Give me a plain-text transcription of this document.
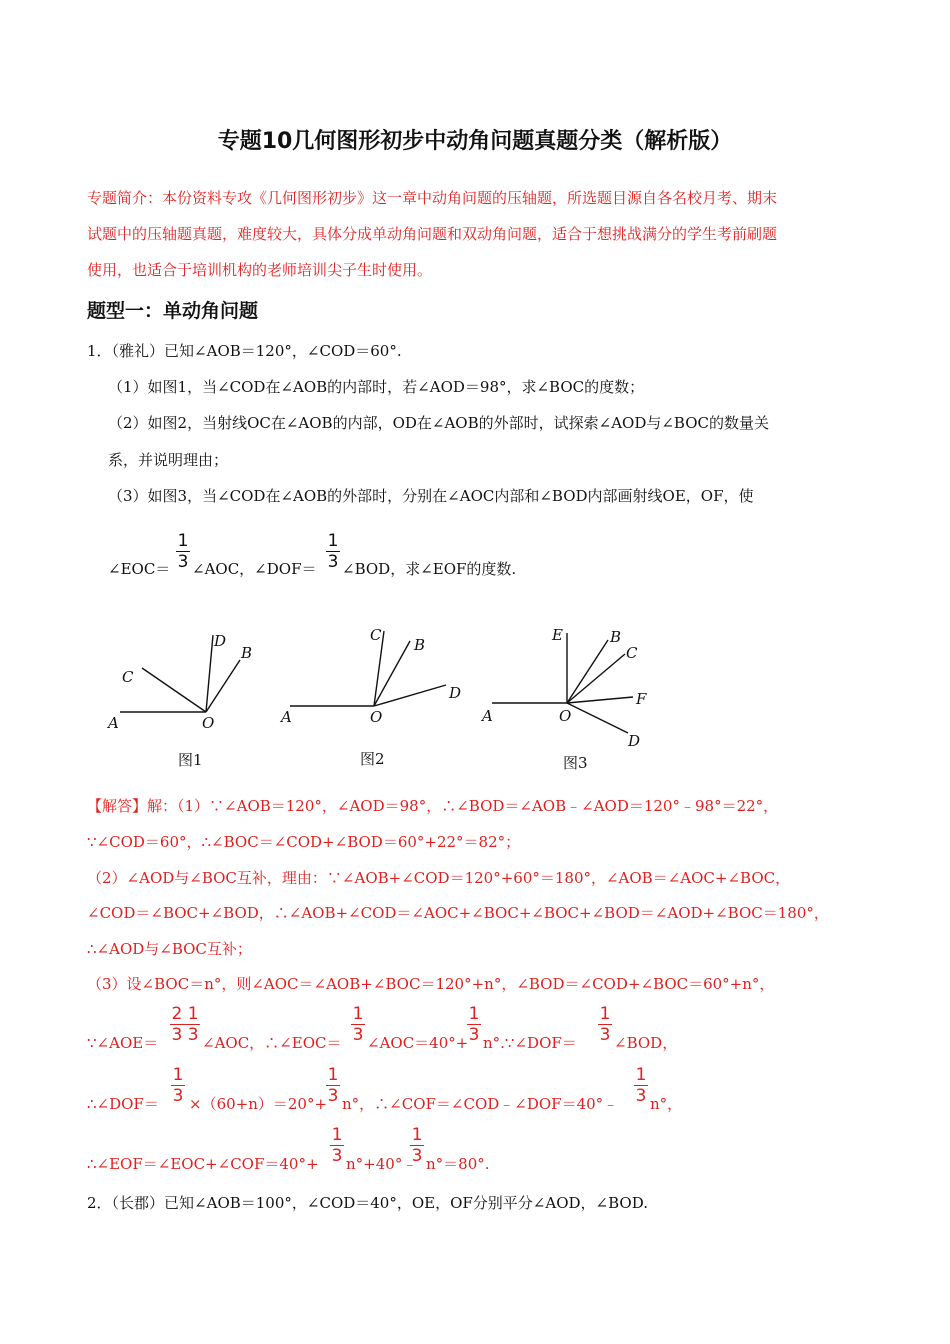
专题10几何图形初步中动角问题真题分类（解析版）
专题简介：本份资料专攻《几何图形初步》这一章中动角问题的压轴题，所选题目源自各名校月考、期末
试题中的压轴题真题，难度较大，具体分成单动角问题和双动角问题，适合于想挑战满分的学生考前刷题
使用，也适合于培训机构的老师培训尖子生时使用。
题型一：单动角问题
1．（雅礼）已知∠AOB＝120°，∠COD＝60°.
（1）如图1，当∠COD在∠AOB的内部时，若∠AOD＝98°，求∠BOC的度数；
（2）如图2，当射线OC在∠AOB的内部，OD在∠AOB的外部时，试探索∠AOD与∠BOC的数量关
系，并说明理由；
（3）如图3，当∠COD在∠AOB的外部时，分别在∠AOC内部和∠BOD内部画射线OE，OF，使
∠EOC＝
1
3 ∠AOC，∠DOF＝
1
3 ∠BOD，求∠EOF的度数.
A	O
C
D
B
图1
A	O
C
B
D
图2
A	O
E	B
C
F
D
图3
【解答】解：（1）∵∠AOB＝120°，∠AOD＝98°，∴∠BOD＝∠AOB﹣∠AOD＝120°﹣98°＝22°，
∵∠COD＝60°，∴∠BOC＝∠COD+∠BOD＝60°+22°＝82°；
（2）∠AOD与∠BOC互补，理由：∵∠AOB+∠COD＝120°+60°＝180°，∠AOB＝∠AOC+∠BOC，
∠COD＝∠BOC+∠BOD，∴∠AOB+∠COD＝∠AOC+∠BOC+∠BOC+∠BOD＝∠AOD+∠BOC＝180°，
∴∠AOD与∠BOC互补；
（3）设∠BOC＝n°，则∠AOC＝∠AOB+∠BOC＝120°+n°，∠BOD＝∠COD+∠BOC＝60°+n°，
∵∠AOE＝
2 1
3 3 ∠AOC，∴∠EOC＝
1
3 ∠AOC＝40°+
1
3 n°.∵∠DOF＝
1
3 ∠BOD，
∴∠DOF＝
1
3 ×（60+n）＝20°+
1
3 n°，∴∠COF＝∠COD﹣∠DOF＝40°﹣
1
3 n°，
∴∠EOF＝∠EOC+∠COF＝40°+
1
3 n°+40°﹣
1
3 n°＝80°.
2．（长郡）已知∠AOB＝100°，∠COD＝40°，OE，OF分别平分∠AOD，∠BOD.
